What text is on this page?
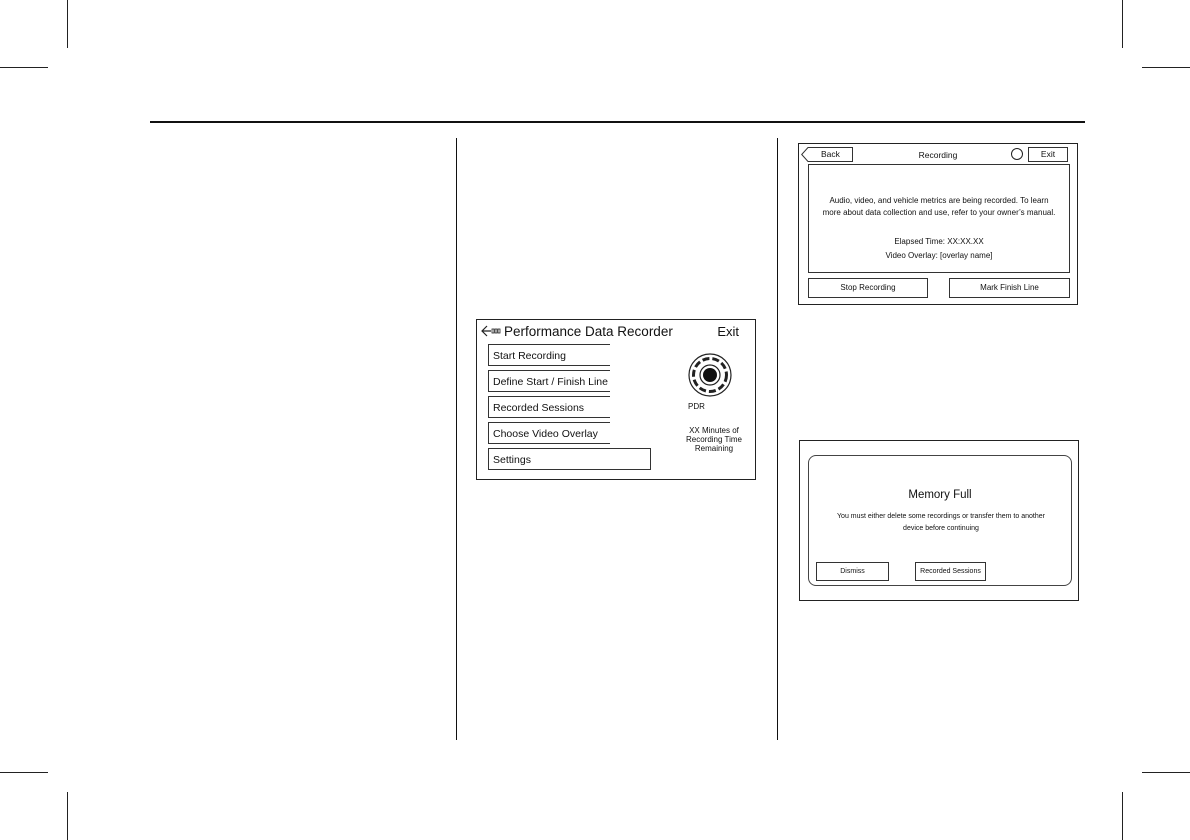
Performance Data Recorder	Exit
Start Recording
Define Start / Finish Line
Recorded Sessions
Choose Video Overlay
Settings
PDR
XX Minutes of
Recording Time
Remaining
Back	Recording	Exit
Audio, video, and vehicle metrics are being recorded. To learn
more about data collection and use, refer to your owner’s manual.
Elapsed Time: XX:XX.XX
Video Overlay: [overlay name]
Stop Recording	Mark Finish Line
Memory Full
You must either delete some recordings or transfer them to another
device before continuing
Dismiss	Recorded Sessions
